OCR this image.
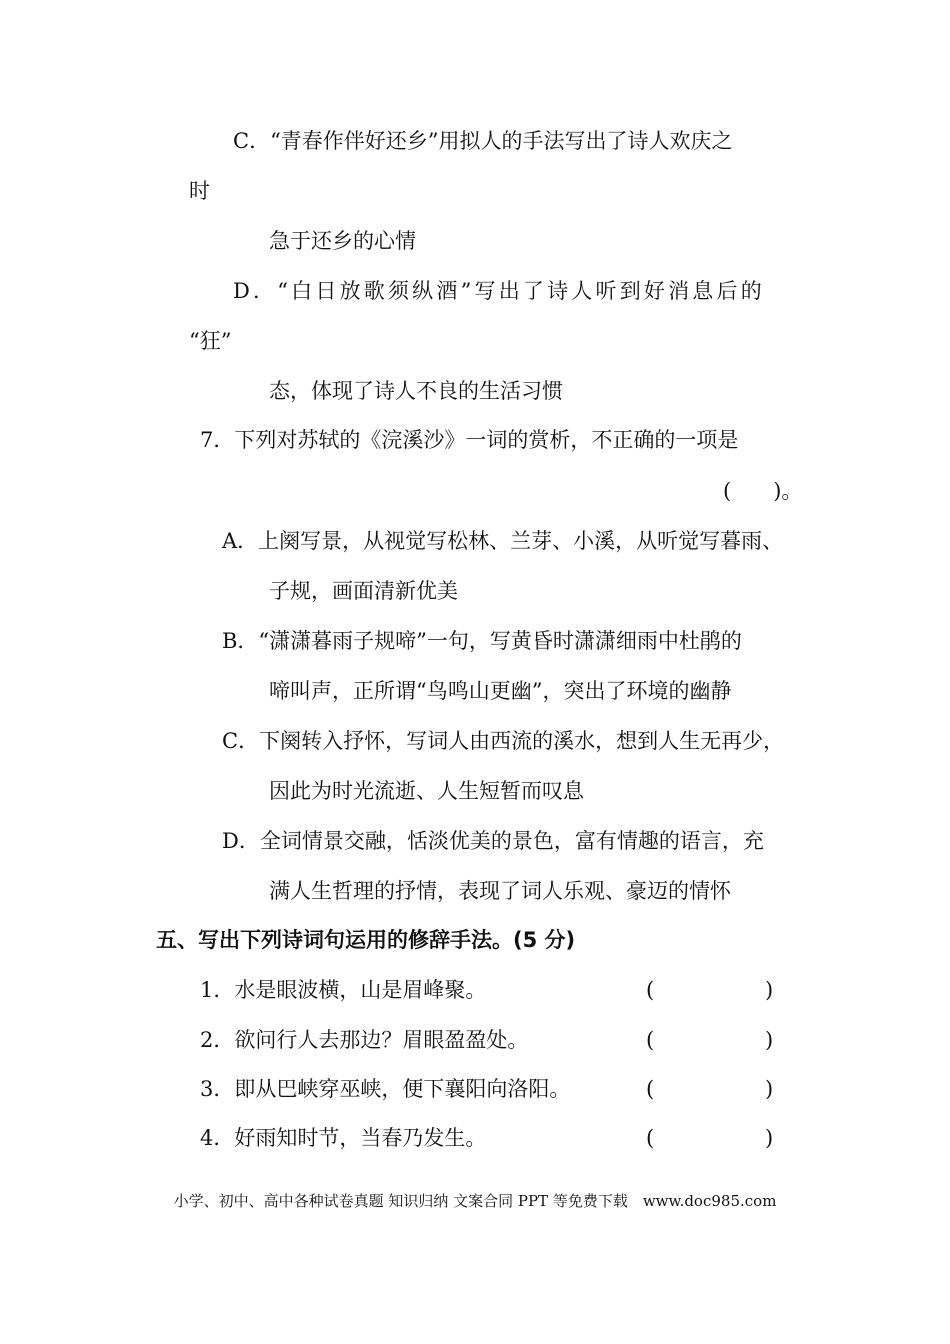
C．“青春作伴好还乡”用拟人的手法写出了诗人欢庆之
时
急于还乡的心情
D．“白日放歌须纵酒”写出了诗人听到好消息后的
“狂”
态，体现了诗人不良的生活习惯
7．下列对苏轼的《浣溪沙》一词的赏析，不正确的一项是
(　　)。
A．上阕写景，从视觉写松林、兰芽、小溪，从听觉写暮雨、
子规，画面清新优美
B．“潇潇暮雨子规啼”一句，写黄昏时潇潇细雨中杜鹃的
啼叫声，正所谓“鸟鸣山更幽”，突出了环境的幽静
C．下阕转入抒怀，写词人由西流的溪水，想到人生无再少，
因此为时光流逝、人生短暂而叹息
D．全词情景交融，恬淡优美的景色，富有情趣的语言，充
满人生哲理的抒情，表现了词人乐观、豪迈的情怀
五、写出下列诗词句运用的修辞手法。(5 分)
1．水是眼波横，山是眉峰聚。	(	)
2．欲问行人去那边？眉眼盈盈处。	(	)
3．即从巴峡穿巫峡，便下襄阳向洛阳。	(	)
4．好雨知时节，当春乃发生。	(	)
小学、初中、高中各种试卷真题 知识归纳 文案合同 PPT 等免费下载　www.doc985.com
